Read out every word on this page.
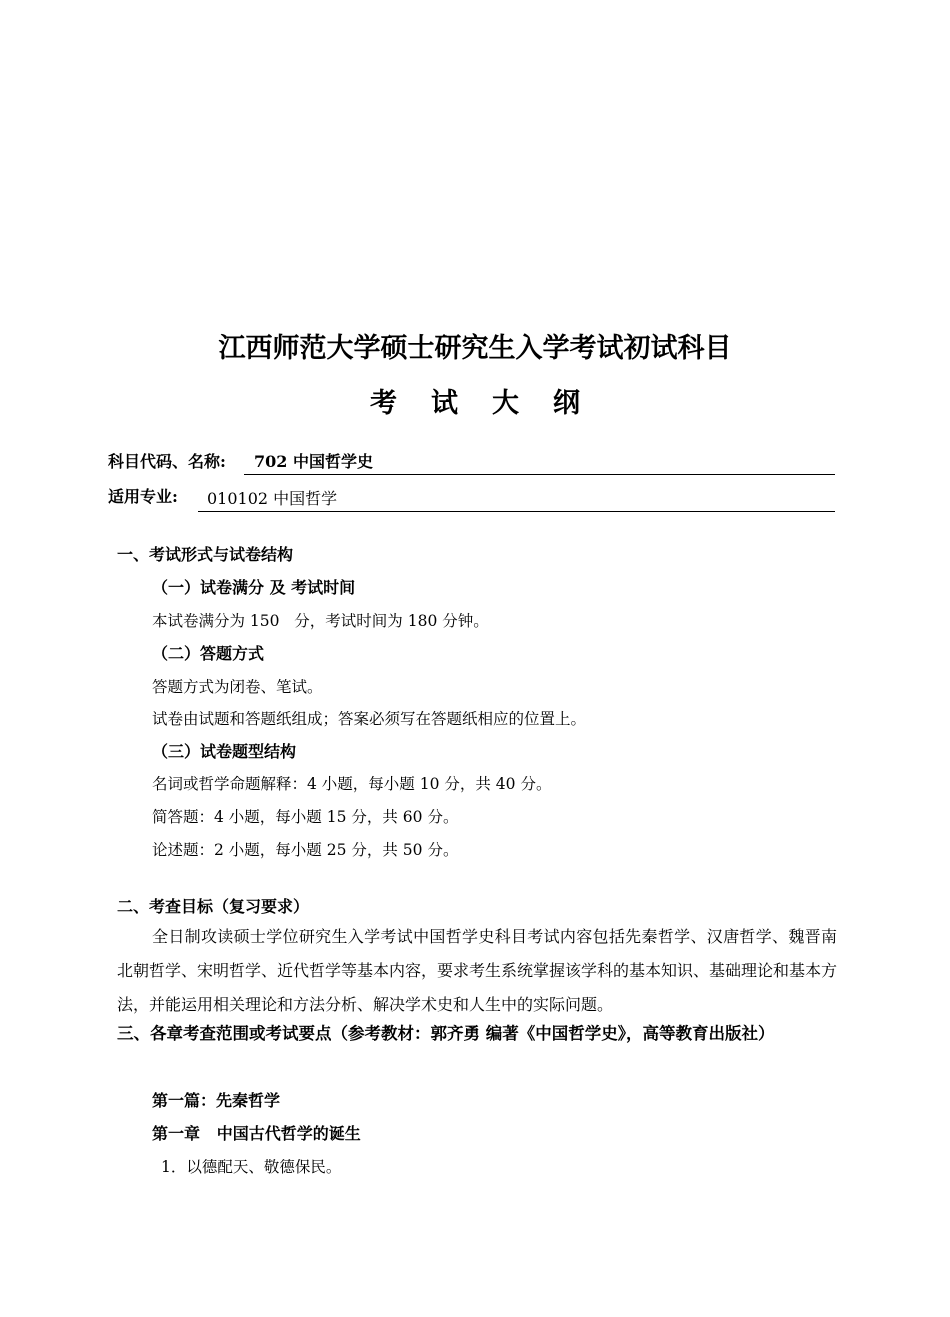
江西师范大学硕士研究生入学考试初试科目
考试大纲
科目代码、名称: 702 中国哲学史
适用专业: 010102 中国哲学
一、考试形式与试卷结构
（一）试卷满分 及 考试时间
本试卷满分为 150   分，考试时间为 180 分钟。
（二）答题方式
答题方式为闭卷、笔试。
试卷由试题和答题纸组成；答案必须写在答题纸相应的位置上。
（三）试卷题型结构
名词或哲学命题解释：4 小题，每小题 10 分，共 40 分。
简答题：4 小题，每小题 15 分，共 60 分。
论述题：2 小题，每小题 25 分，共 50 分。
二、考查目标（复习要求）
全日制攻读硕士学位研究生入学考试中国哲学史科目考试内容包括先秦哲学、汉唐哲学、魏晋南北朝哲学、宋明哲学、近代哲学等基本内容，要求考生系统掌握该学科的基本知识、基础理论和基本方法，并能运用相关理论和方法分析、解决学术史和人生中的实际问题。
三、各章考查范围或考试要点（参考教材：郭齐勇 编著《中国哲学史》，高等教育出版社）
第一篇：先秦哲学
第一章   中国古代哲学的诞生
1．以德配天、敬德保民。
